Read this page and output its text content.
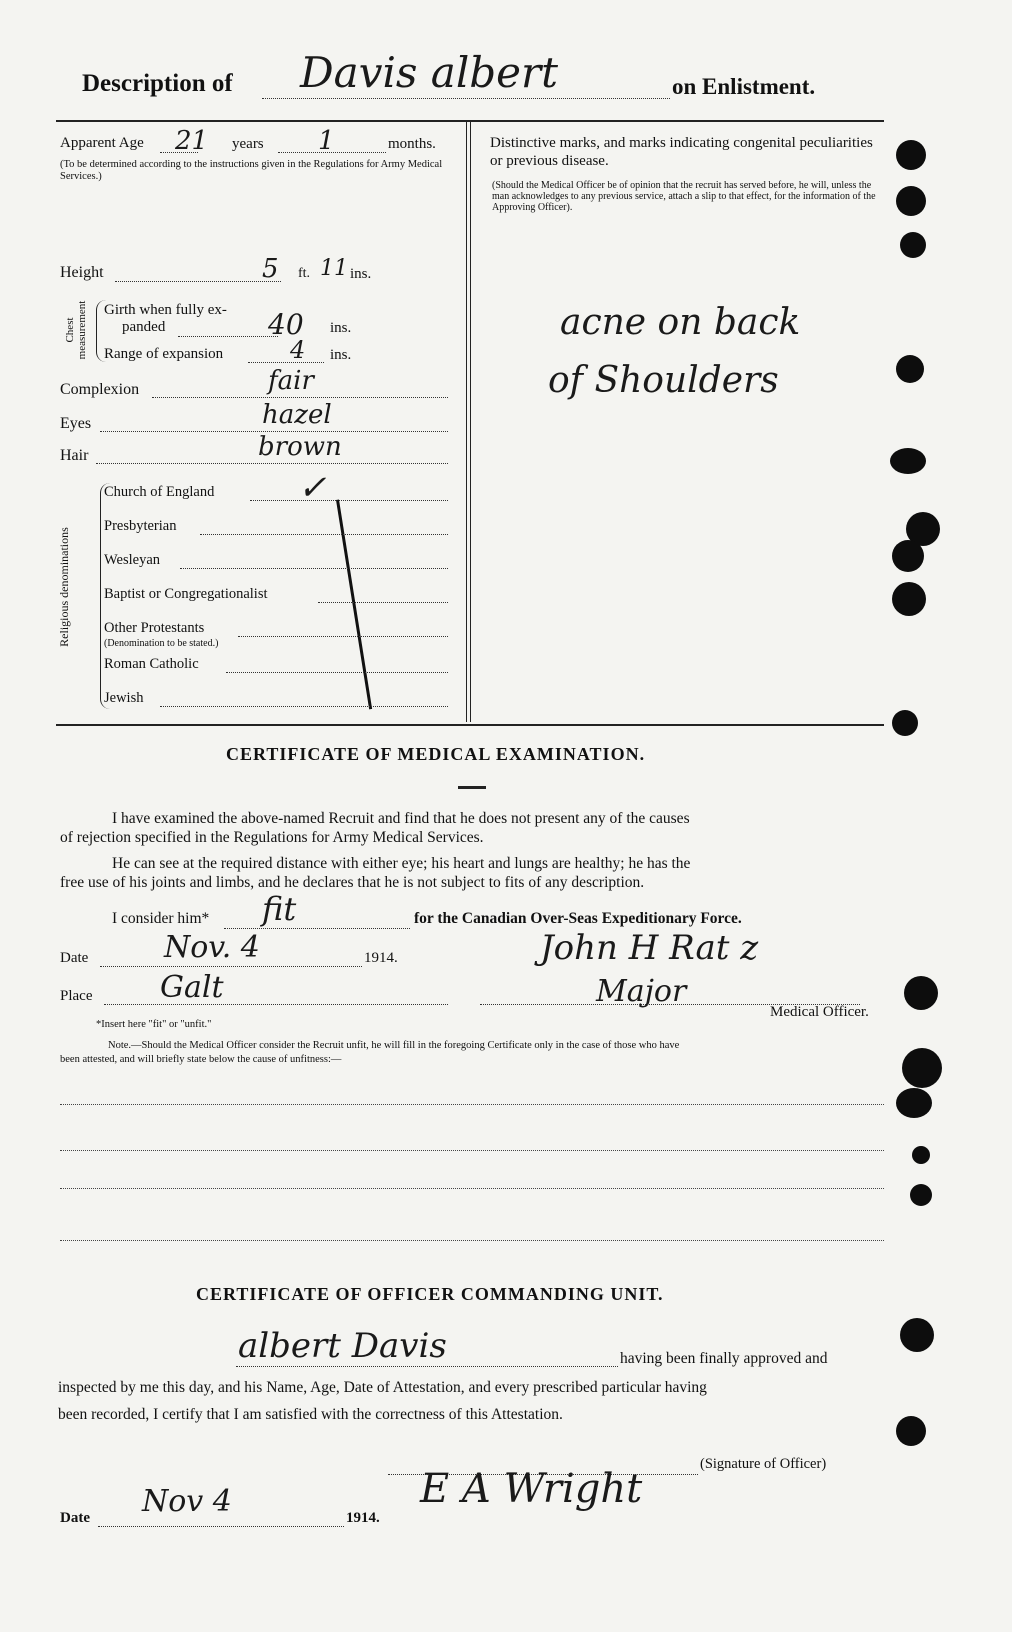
Description of Davis albert	on Enlistment.
Apparent Age 21 years 1	months.
(To be determined according to the instructions given in the Regulations for Army Medical Services.)
Height	5 ft. 11 ins.
Chest measurement Girth when fully ex-
panded	40 ins.
Range of expansion	4 ins.
Complexion	fair
Eyes	hazel
Hair	brown
Religious denominations
Church of England ✓
Presbyterian
Wesleyan
Baptist or Congregationalist
Other Protestants
(Denomination to be stated.)
Roman Catholic
Jewish
Distinctive marks, and marks indicating congenital peculiarities or previous disease.
(Should the Medical Officer be of opinion that the recruit has served before, he will, unless the man acknowledges to any previous service, attach a slip to that effect, for the information of the Approving Officer).
acne on back
of Shoulders
CERTIFICATE OF MEDICAL EXAMINATION.
I have examined the above-named Recruit and find that he does not present any of the causes
of rejection specified in the Regulations for Army Medical Services.
He can see at the required distance with either eye; his heart and lungs are healthy; he has the
free use of his joints and limbs, and he declares that he is not subject to fits of any description.
I consider him* fit	for the Canadian Over-Seas Expeditionary Force.
Date	Nov. 4	1914.	John H Rat z
Place Galt	Major
Medical Officer.
*Insert here "fit" or "unfit."
Note.—Should the Medical Officer consider the Recruit unfit, he will fill in the foregoing Certificate only in the case of those who have
been attested, and will briefly state below the cause of unfitness:—
CERTIFICATE OF OFFICER COMMANDING UNIT.
albert Davis	having been finally approved and
inspected by me this day, and his Name, Age, Date of Attestation, and every prescribed particular having
been recorded, I certify that I am satisfied with the correctness of this Attestation.
E A Wright
(Signature of Officer)
Date Nov 4	1914.
